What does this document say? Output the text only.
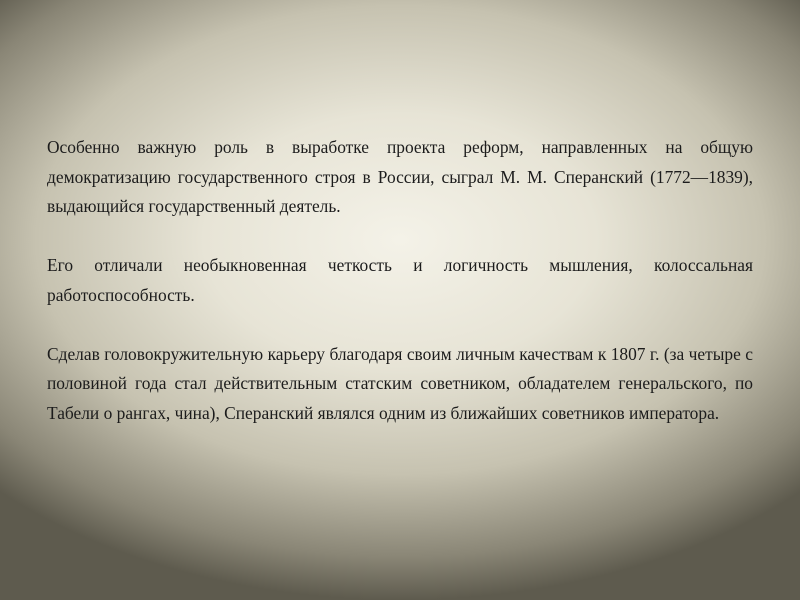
Особенно важную роль в выработке проекта реформ, направленных на общую демократизацию государственного строя в России, сыграл М. М. Сперанский (1772—1839), выдающийся государственный деятель.

Его отличали необыкновенная четкость и логичность мышления, колоссальная работоспособность.

Сделав головокружительную карьеру благодаря своим личным качествам к 1807 г. (за четыре с половиной года стал действительным статским советником, обладателем генеральского, по Табели о рангах, чина), Сперанский являлся одним из ближайших советников императора.
